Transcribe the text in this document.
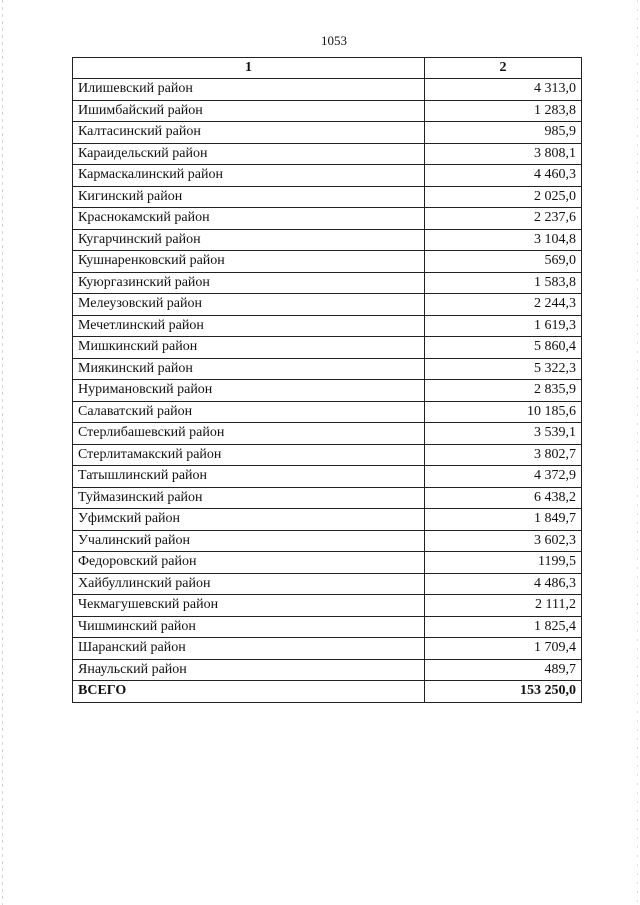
1053
1	2
Илишевский район	4 313,0
Ишимбайский район	1 283,8
Калтасинский район	985,9
Караидельский район	3 808,1
Кармаскалинский район	4 460,3
Кигинский район	2 025,0
Краснокамский район	2 237,6
Кугарчинский район	3 104,8
Кушнаренковский район	569,0
Куюргазинский район	1 583,8
Мелеузовский район	2 244,3
Мечетлинский район	1 619,3
Мишкинский район	5 860,4
Миякинский район	5 322,3
Нуримановский район	2 835,9
Салаватский район	10 185,6
Стерлибашевский район	3 539,1
Стерлитамакский район	3 802,7
Татышлинский район	4 372,9
Туймазинский район	6 438,2
Уфимский район	1 849,7
Учалинский район	3 602,3
Федоровский район	1199,5
Хайбуллинский район	4 486,3
Чекмагушевский район	2 111,2
Чишминский район	1 825,4
Шаранский район	1 709,4
Янаульский район	489,7
ВСЕГО	153 250,0
